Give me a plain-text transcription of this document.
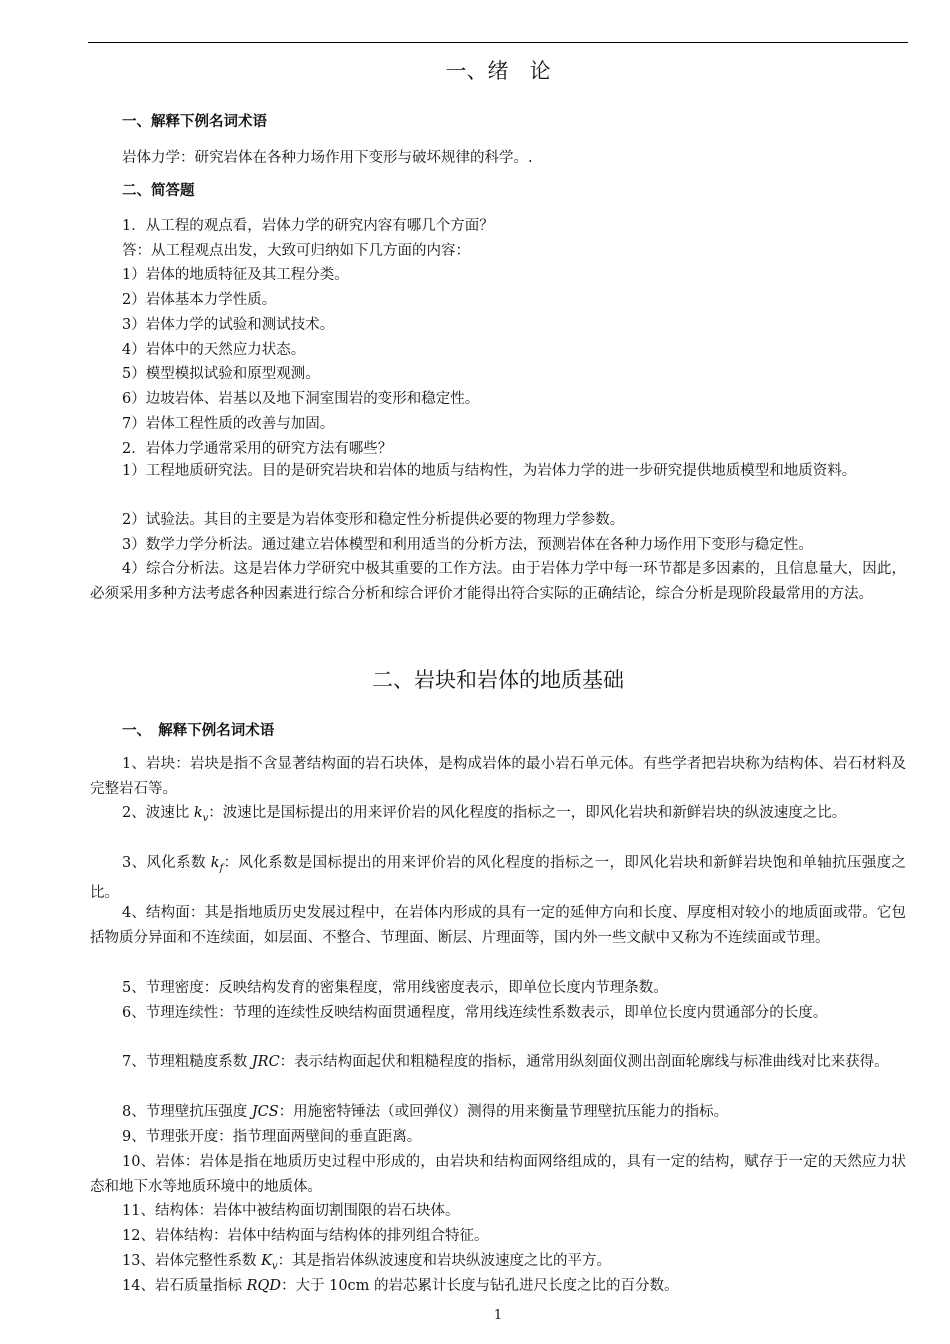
一、绪　论
一、解释下例名词术语
岩体力学：研究岩体在各种力场作用下变形与破坏规律的科学。.
二、简答题
1．从工程的观点看，岩体力学的研究内容有哪几个方面？
答：从工程观点出发，大致可归纳如下几方面的内容：
1）岩体的地质特征及其工程分类。
2）岩体基本力学性质。
3）岩体力学的试验和测试技术。
4）岩体中的天然应力状态。
5）模型模拟试验和原型观测。
6）边坡岩体、岩基以及地下洞室围岩的变形和稳定性。
7）岩体工程性质的改善与加固。
2．岩体力学通常采用的研究方法有哪些？
1）工程地质研究法。目的是研究岩块和岩体的地质与结构性，为岩体力学的进一步研究提供地质模型和地质资料。
2）试验法。其目的主要是为岩体变形和稳定性分析提供必要的物理力学参数。
3）数学力学分析法。通过建立岩体模型和利用适当的分析方法，预测岩体在各种力场作用下变形与稳定性。
4）综合分析法。这是岩体力学研究中极其重要的工作方法。由于岩体力学中每一环节都是多因素的，且信息量大，因此，必须采用多种方法考虑各种因素进行综合分析和综合评价才能得出符合实际的正确结论，综合分析是现阶段最常用的方法。
二、岩块和岩体的地质基础
一、　解释下例名词术语
1、岩块：岩块是指不含显著结构面的岩石块体，是构成岩体的最小岩石单元体。有些学者把岩块称为结构体、岩石材料及完整岩石等。
2、波速比 $k_v$：波速比是国标提出的用来评价岩的风化程度的指标之一，即风化岩块和新鲜岩块的纵波速度之比。
3、风化系数 $k_f$：风化系数是国标提出的用来评价岩的风化程度的指标之一，即风化岩块和新鲜岩块饱和单轴抗压强度之比。
4、结构面：其是指地质历史发展过程中，在岩体内形成的具有一定的延伸方向和长度、厚度相对较小的地质面或带。它包括物质分异面和不连续面，如层面、不整合、节理面、断层、片理面等，国内外一些文献中又称为不连续面或节理。
5、节理密度：反映结构发育的密集程度，常用线密度表示，即单位长度内节理条数。
6、节理连续性：节理的连续性反映结构面贯通程度，常用线连续性系数表示，即单位长度内贯通部分的长度。
7、节理粗糙度系数 JRC：表示结构面起伏和粗糙程度的指标，通常用纵刻面仪测出剖面轮廓线与标准曲线对比来获得。
8、节理壁抗压强度 JCS：用施密特锤法（或回弹仪）测得的用来衡量节理壁抗压能力的指标。
9、节理张开度：指节理面两壁间的垂直距离。
10、岩体：岩体是指在地质历史过程中形成的，由岩块和结构面网络组成的，具有一定的结构，赋存于一定的天然应力状态和地下水等地质环境中的地质体。
11、结构体：岩体中被结构面切割围限的岩石块体。
12、岩体结构：岩体中结构面与结构体的排列组合特征。
13、岩体完整性系数 $K_v$：其是指岩体纵波速度和岩块纵波速度之比的平方。
14、岩石质量指标 RQD：大于 10cm 的岩芯累计长度与钻孔进尺长度之比的百分数。
1
